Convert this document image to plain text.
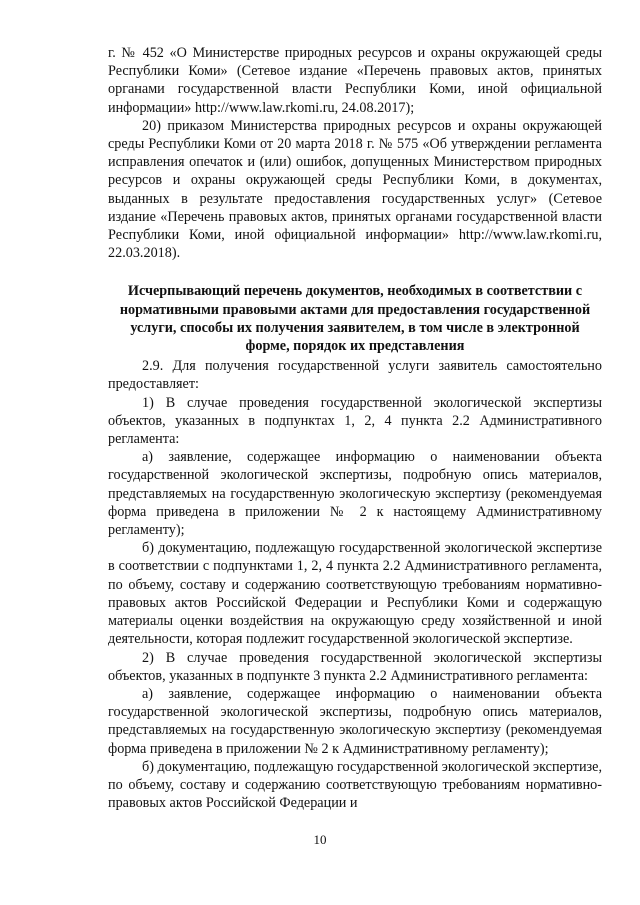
г. № 452 «О Министерстве природных ресурсов и охраны окружающей среды Республики Коми» (Сетевое издание «Перечень правовых актов, принятых органами государственной власти Республики Коми, иной официальной информации» http://www.law.rkomi.ru, 24.08.2017);

20) приказом Министерства природных ресурсов и охраны окружающей среды Республики Коми от 20 марта 2018 г. № 575 «Об утверждении регламента исправления опечаток и (или) ошибок, допущенных Министерством природных ресурсов и охраны окружающей среды Республики Коми, в документах, выданных в результате предоставления государственных услуг» (Сетевое издание «Перечень правовых актов, принятых органами государственной власти Республики Коми, иной официальной информации» http://www.law.rkomi.ru, 22.03.2018).

Исчерпывающий перечень документов, необходимых в соответствии с нормативными правовыми актами для предоставления государственной услуги, способы их получения заявителем, в том числе в электронной форме, порядок их представления

2.9. Для получения государственной услуги заявитель самостоятельно предоставляет:

1) В случае проведения государственной экологической экспертизы объектов, указанных в подпунктах 1, 2, 4 пункта 2.2 Административного регламента:

а) заявление, содержащее информацию о наименовании объекта государственной экологической экспертизы, подробную опись материалов, представляемых на государственную экологическую экспертизу (рекомендуемая форма приведена в приложении № 2 к настоящему Административному регламенту);

б) документацию, подлежащую государственной экологической экспертизе в соответствии с подпунктами 1, 2, 4 пункта 2.2 Административного регламента, по объему, составу и содержанию соответствующую требованиям нормативно-правовых актов Российской Федерации и Республики Коми и содержащую материалы оценки воздействия на окружающую среду хозяйственной и иной деятельности, которая подлежит государственной экологической экспертизе.

2) В случае проведения государственной экологической экспертизы объектов, указанных в подпункте 3 пункта 2.2 Административного регламента:

а) заявление, содержащее информацию о наименовании объекта государственной экологической экспертизы, подробную опись материалов, представляемых на государственную экологическую экспертизу (рекомендуемая форма приведена в приложении № 2 к Административному регламенту);

б) документацию, подлежащую государственной экологической экспертизе, по объему, составу и содержанию соответствующую требованиям нормативно-правовых актов Российской Федерации и

10
